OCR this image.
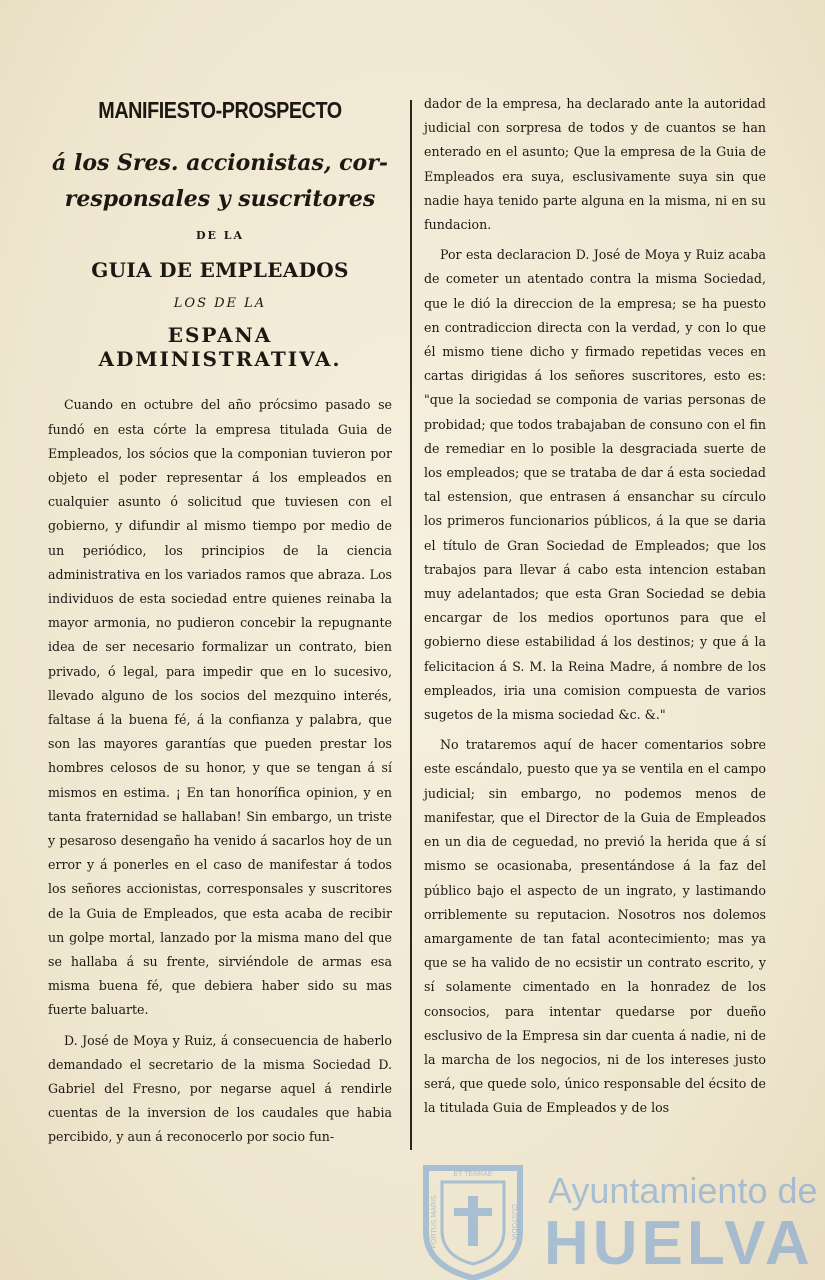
MANIFIESTO-PROSPECTO
á los Sres. accionistas, cor-
responsales y suscritores
DE LA
GUIA DE EMPLEADOS
LOS DE LA
ESPANA ADMINISTRATIVA.

Cuando en octubre del año prócsimo pasado se fundó en esta córte la empresa titulada Guia de Empleados, los sócios que la componian tuvieron por objeto el poder representar á los empleados en cualquier asunto ó solicitud que tuviesen con el gobierno, y difundir al mismo tiempo por medio de un periódico, los principios de la ciencia administrativa en los variados ramos que abraza. Los individuos de esta sociedad entre quienes reinaba la mayor armonia, no pudieron concebir la repugnante idea de ser necesario formalizar un contrato, bien privado, ó legal, para impedir que en lo sucesivo, llevado alguno de los socios del mezquino interés, faltase á la buena fé, á la confianza y palabra, que son las mayores garantías que pueden prestar los hombres celosos de su honor, y que se tengan á sí mismos en estima. ¡ En tan honorífica opinion, y en tanta fraternidad se hallaban! Sin embargo, un triste y pesaroso desengaño ha venido á sacarlos hoy de un error y á ponerles en el caso de manifestar á todos los señores accionistas, corresponsales y suscritores de la Guia de Empleados, que esta acaba de recibir un golpe mortal, lanzado por la misma mano del que se hallaba á su frente, sirviéndole de armas esa misma buena fé, que debiera haber sido su mas fuerte baluarte.

D. José de Moya y Ruiz, á consecuencia de haberlo demandado el secretario de la misma Sociedad D. Gabriel del Fresno, por negarse aquel á rendirle cuentas de la inversion de los caudales que habia percibido, y aun á reconocerlo por socio fun-

dador de la empresa, ha declarado ante la autoridad judicial con sorpresa de todos y de cuantos se han enterado en el asunto; Que la empresa de la Guia de Empleados era suya, esclusivamente suya sin que nadie haya tenido parte alguna en la misma, ni en su fundacion.

Por esta declaracion D. José de Moya y Ruiz acaba de cometer un atentado contra la misma Sociedad, que le dió la direccion de la empresa; se ha puesto en contradiccion directa con la verdad, y con lo que él mismo tiene dicho y firmado repetidas veces en cartas dirigidas á los señores suscritores, esto es: "que la sociedad se componia de varias personas de probidad; que todos trabajaban de consuno con el fin de remediar en lo posible la desgraciada suerte de los empleados; que se trataba de dar á esta sociedad tal estension, que entrasen á ensanchar su círculo los primeros funcionarios públicos, á la que se daria el título de Gran Sociedad de Empleados; que los trabajos para llevar á cabo esta intencion estaban muy adelantados; que esta Gran Sociedad se debia encargar de los medios oportunos para que el gobierno diese estabilidad á los destinos; y que á la felicitacion á S. M. la Reina Madre, á nombre de los empleados, iria una comision compuesta de varios sugetos de la misma sociedad &c. &."

No trataremos aquí de hacer comentarios sobre este escándalo, puesto que ya se ventila en el campo judicial; sin embargo, no podemos menos de manifestar, que el Director de la Guia de Empleados en un dia de ceguedad, no previó la herida que á sí mismo se ocasionaba, presentándose á la faz del público bajo el aspecto de un ingrato, y lastimando orriblemente su reputacion. Nosotros nos dolemos amargamente de tan fatal acontecimiento; mas ya que se ha valido de no ecsistir un contrato escrito, y sí solamente cimentado en la honradez de los consocios, para intentar quedarse por dueño esclusivo de la Empresa sin dar cuenta á nadie, ni de la marcha de los negocios, ni de los intereses justo será, que quede solo, único responsable del écsito de la titulada Guia de Empleados y de los

ET TERRAE
PORTUS MARIS	CUSTODIA
Ayuntamiento de
HUELVA
